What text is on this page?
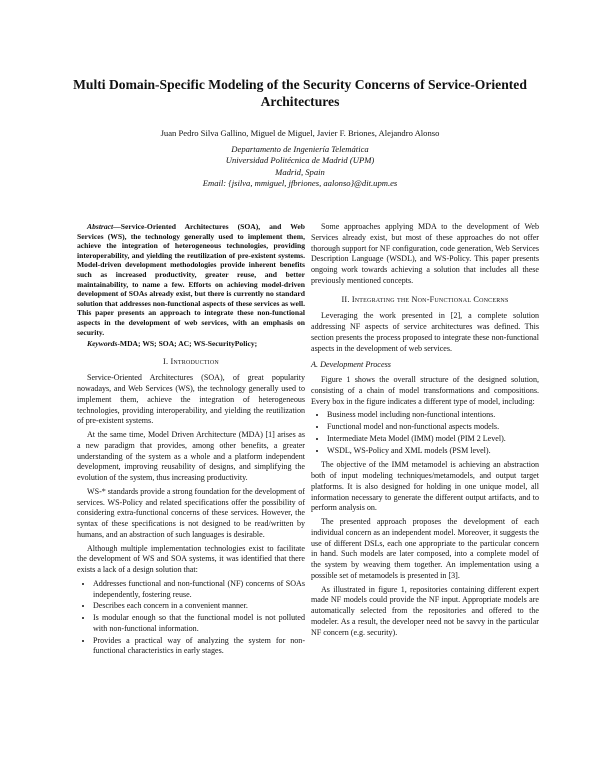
Multi Domain-Specific Modeling of the Security Concerns of Service-Oriented Architectures
Juan Pedro Silva Gallino, Miguel de Miguel, Javier F. Briones, Alejandro Alonso
Departamento de Ingeniería Telemática
Universidad Politécnica de Madrid (UPM)
Madrid, Spain
Email: {jsilva, mmiguel, jfbriones, aalonso}@dit.upm.es

Abstract—Service-Oriented Architectures (SOA), and Web Services (WS), the technology generally used to implement them, achieve the integration of heterogeneous technologies, providing interoperability, and yielding the reutilization of pre-existent systems. Model-driven development methodologies provide inherent benefits such as increased productivity, greater reuse, and better maintainability, to name a few. Efforts on achieving model-driven development of SOAs already exist, but there is currently no standard solution that addresses non-functional aspects of these services as well. This paper presents an approach to integrate these non-functional aspects in the development of web services, with an emphasis on security.

Keywords-MDA; WS; SOA; AC; WS-SecurityPolicy;

I. Introduction

Service-Oriented Architectures (SOA), of great popularity nowadays, and Web Services (WS), the technology generally used to implement them, achieve the integration of heterogeneous technologies, providing interoperability, and yielding the reutilization of pre-existent systems.

At the same time, Model Driven Architecture (MDA) [1] arises as a new paradigm that provides, among other benefits, a greater understanding of the system as a whole and a platform independent development, improving reusability of designs, and simplifying the evolution of the system, thus increasing productivity.

WS-* standards provide a strong foundation for the development of services. WS-Policy and related specifications offer the possibility of considering extra-functional concerns of these services. However, the syntax of these specifications is not designed to be read/written by humans, and an abstraction of such languages is desirable.

Although multiple implementation technologies exist to facilitate the development of WS and SOA systems, it was identified that there exists a lack of a design solution that:

• Addresses functional and non-functional (NF) concerns of SOAs independently, fostering reuse.
• Describes each concern in a convenient manner.
• Is modular enough so that the functional model is not polluted with non-functional information.
• Provides a practical way of analyzing the system for non-functional characteristics in early stages.

Some approaches applying MDA to the development of Web Services already exist, but most of these approaches do not offer thorough support for NF configuration, code generation, Web Services Description Language (WSDL), and WS-Policy. This paper presents ongoing work towards achieving a solution that includes all these previously mentioned concepts.

II. Integrating the Non-Functional Concerns

Leveraging the work presented in [2], a complete solution addressing NF aspects of service architectures was defined. This section presents the process proposed to integrate these non-functional aspects in the development of web services.

A. Development Process

Figure 1 shows the overall structure of the designed solution, consisting of a chain of model transformations and compositions. Every box in the figure indicates a different type of model, including:

• Business model including non-functional intentions.
• Functional model and non-functional aspects models.
• Intermediate Meta Model (IMM) model (PIM 2 Level).
• WSDL, WS-Policy and XML models (PSM level).

The objective of the IMM metamodel is achieving an abstraction both of input modeling techniques/metamodels, and output target platforms. It is also designed for holding in one unique model, all information necessary to generate the different output artifacts, and to perform analysis on.

The presented approach proposes the development of each individual concern as an independent model. Moreover, it suggests the use of different DSLs, each one appropriate to the particular concern in hand. Such models are later composed, into a complete model of the system by weaving them together. An implementation using a possible set of metamodels is presented in [3].

As illustrated in figure 1, repositories containing different expert made NF models could provide the NF input. Appropriate models are automatically selected from the repositories and offered to the modeler. As a result, the developer need not be savvy in the particular NF concern (e.g. security).
